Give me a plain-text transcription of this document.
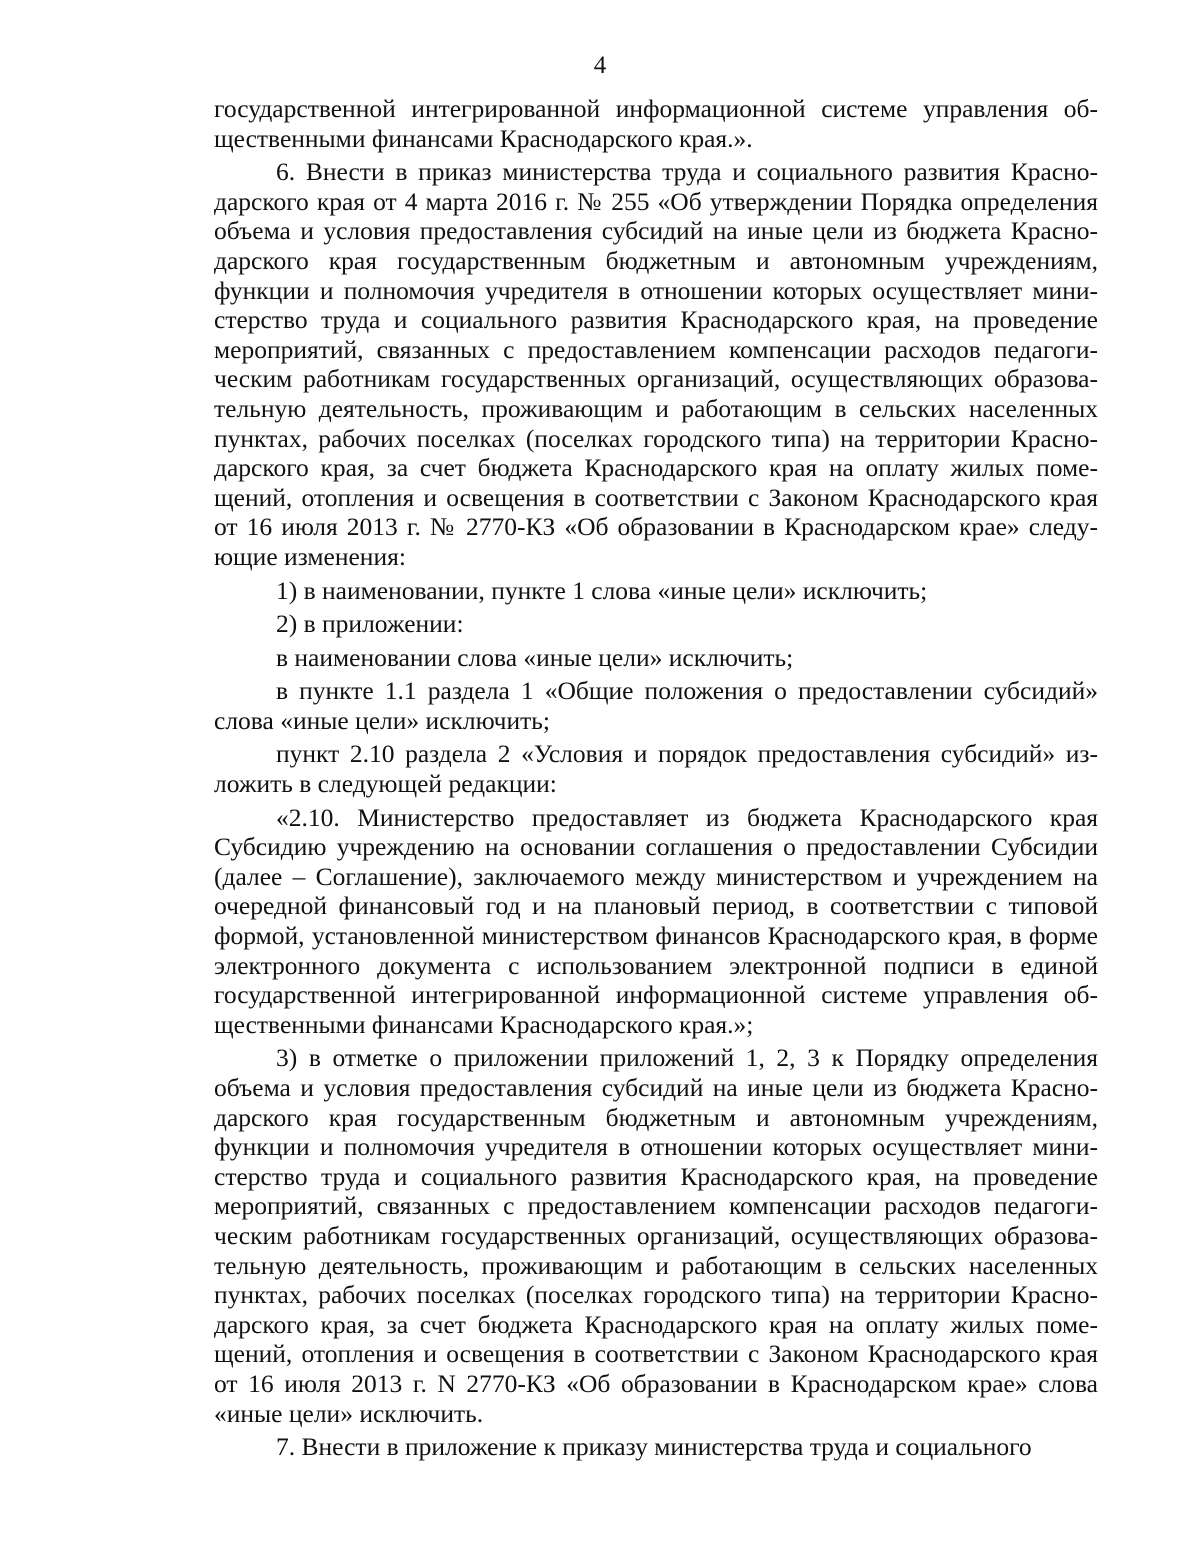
4

государственной интегрированной информационной системе управления общественными финансами Краснодарского края.».

6. Внести в приказ министерства труда и социального развития Краснодарского края от 4 марта 2016 г. № 255 «Об утверждении Порядка определения объема и условия предоставления субсидий на иные цели из бюджета Краснодарского края государственным бюджетным и автономным учреждениям, функции и полномочия учредителя в отношении которых осуществляет министерство труда и социального развития Краснодарского края, на проведение мероприятий, связанных с предоставлением компенсации расходов педагогическим работникам государственных организаций, осуществляющих образовательную деятельность, проживающим и работающим в сельских населенных пунктах, рабочих поселках (поселках городского типа) на территории Краснодарского края, за счет бюджета Краснодарского края на оплату жилых помещений, отопления и освещения в соответствии с Законом Краснодарского края от 16 июля 2013 г. № 2770-КЗ «Об образовании в Краснодарском крае» следующие изменения:

1) в наименовании, пункте 1 слова «иные цели» исключить;

2) в приложении:

в наименовании слова «иные цели» исключить;

в пункте 1.1 раздела 1 «Общие положения о предоставлении субсидий» слова «иные цели» исключить;

пункт 2.10 раздела 2 «Условия и порядок предоставления субсидий» изложить в следующей редакции:

«2.10. Министерство предоставляет из бюджета Краснодарского края Субсидию учреждению на основании соглашения о предоставлении Субсидии (далее – Соглашение), заключаемого между министерством и учреждением на очередной финансовый год и на плановый период, в соответствии с типовой формой, установленной министерством финансов Краснодарского края, в форме электронного документа с использованием электронной подписи в единой государственной интегрированной информационной системе управления общественными финансами Краснодарского края.»;

3) в отметке о приложении приложений 1, 2, 3 к Порядку определения объема и условия предоставления субсидий на иные цели из бюджета Краснодарского края государственным бюджетным и автономным учреждениям, функции и полномочия учредителя в отношении которых осуществляет министерство труда и социального развития Краснодарского края, на проведение мероприятий, связанных с предоставлением компенсации расходов педагогическим работникам государственных организаций, осуществляющих образовательную деятельность, проживающим и работающим в сельских населенных пунктах, рабочих поселках (поселках городского типа) на территории Краснодарского края, за счет бюджета Краснодарского края на оплату жилых помещений, отопления и освещения в соответствии с Законом Краснодарского края от 16 июля 2013 г. N 2770-КЗ «Об образовании в Краснодарском крае» слова «иные цели» исключить.

7. Внести в приложение к приказу министерства труда и социального
